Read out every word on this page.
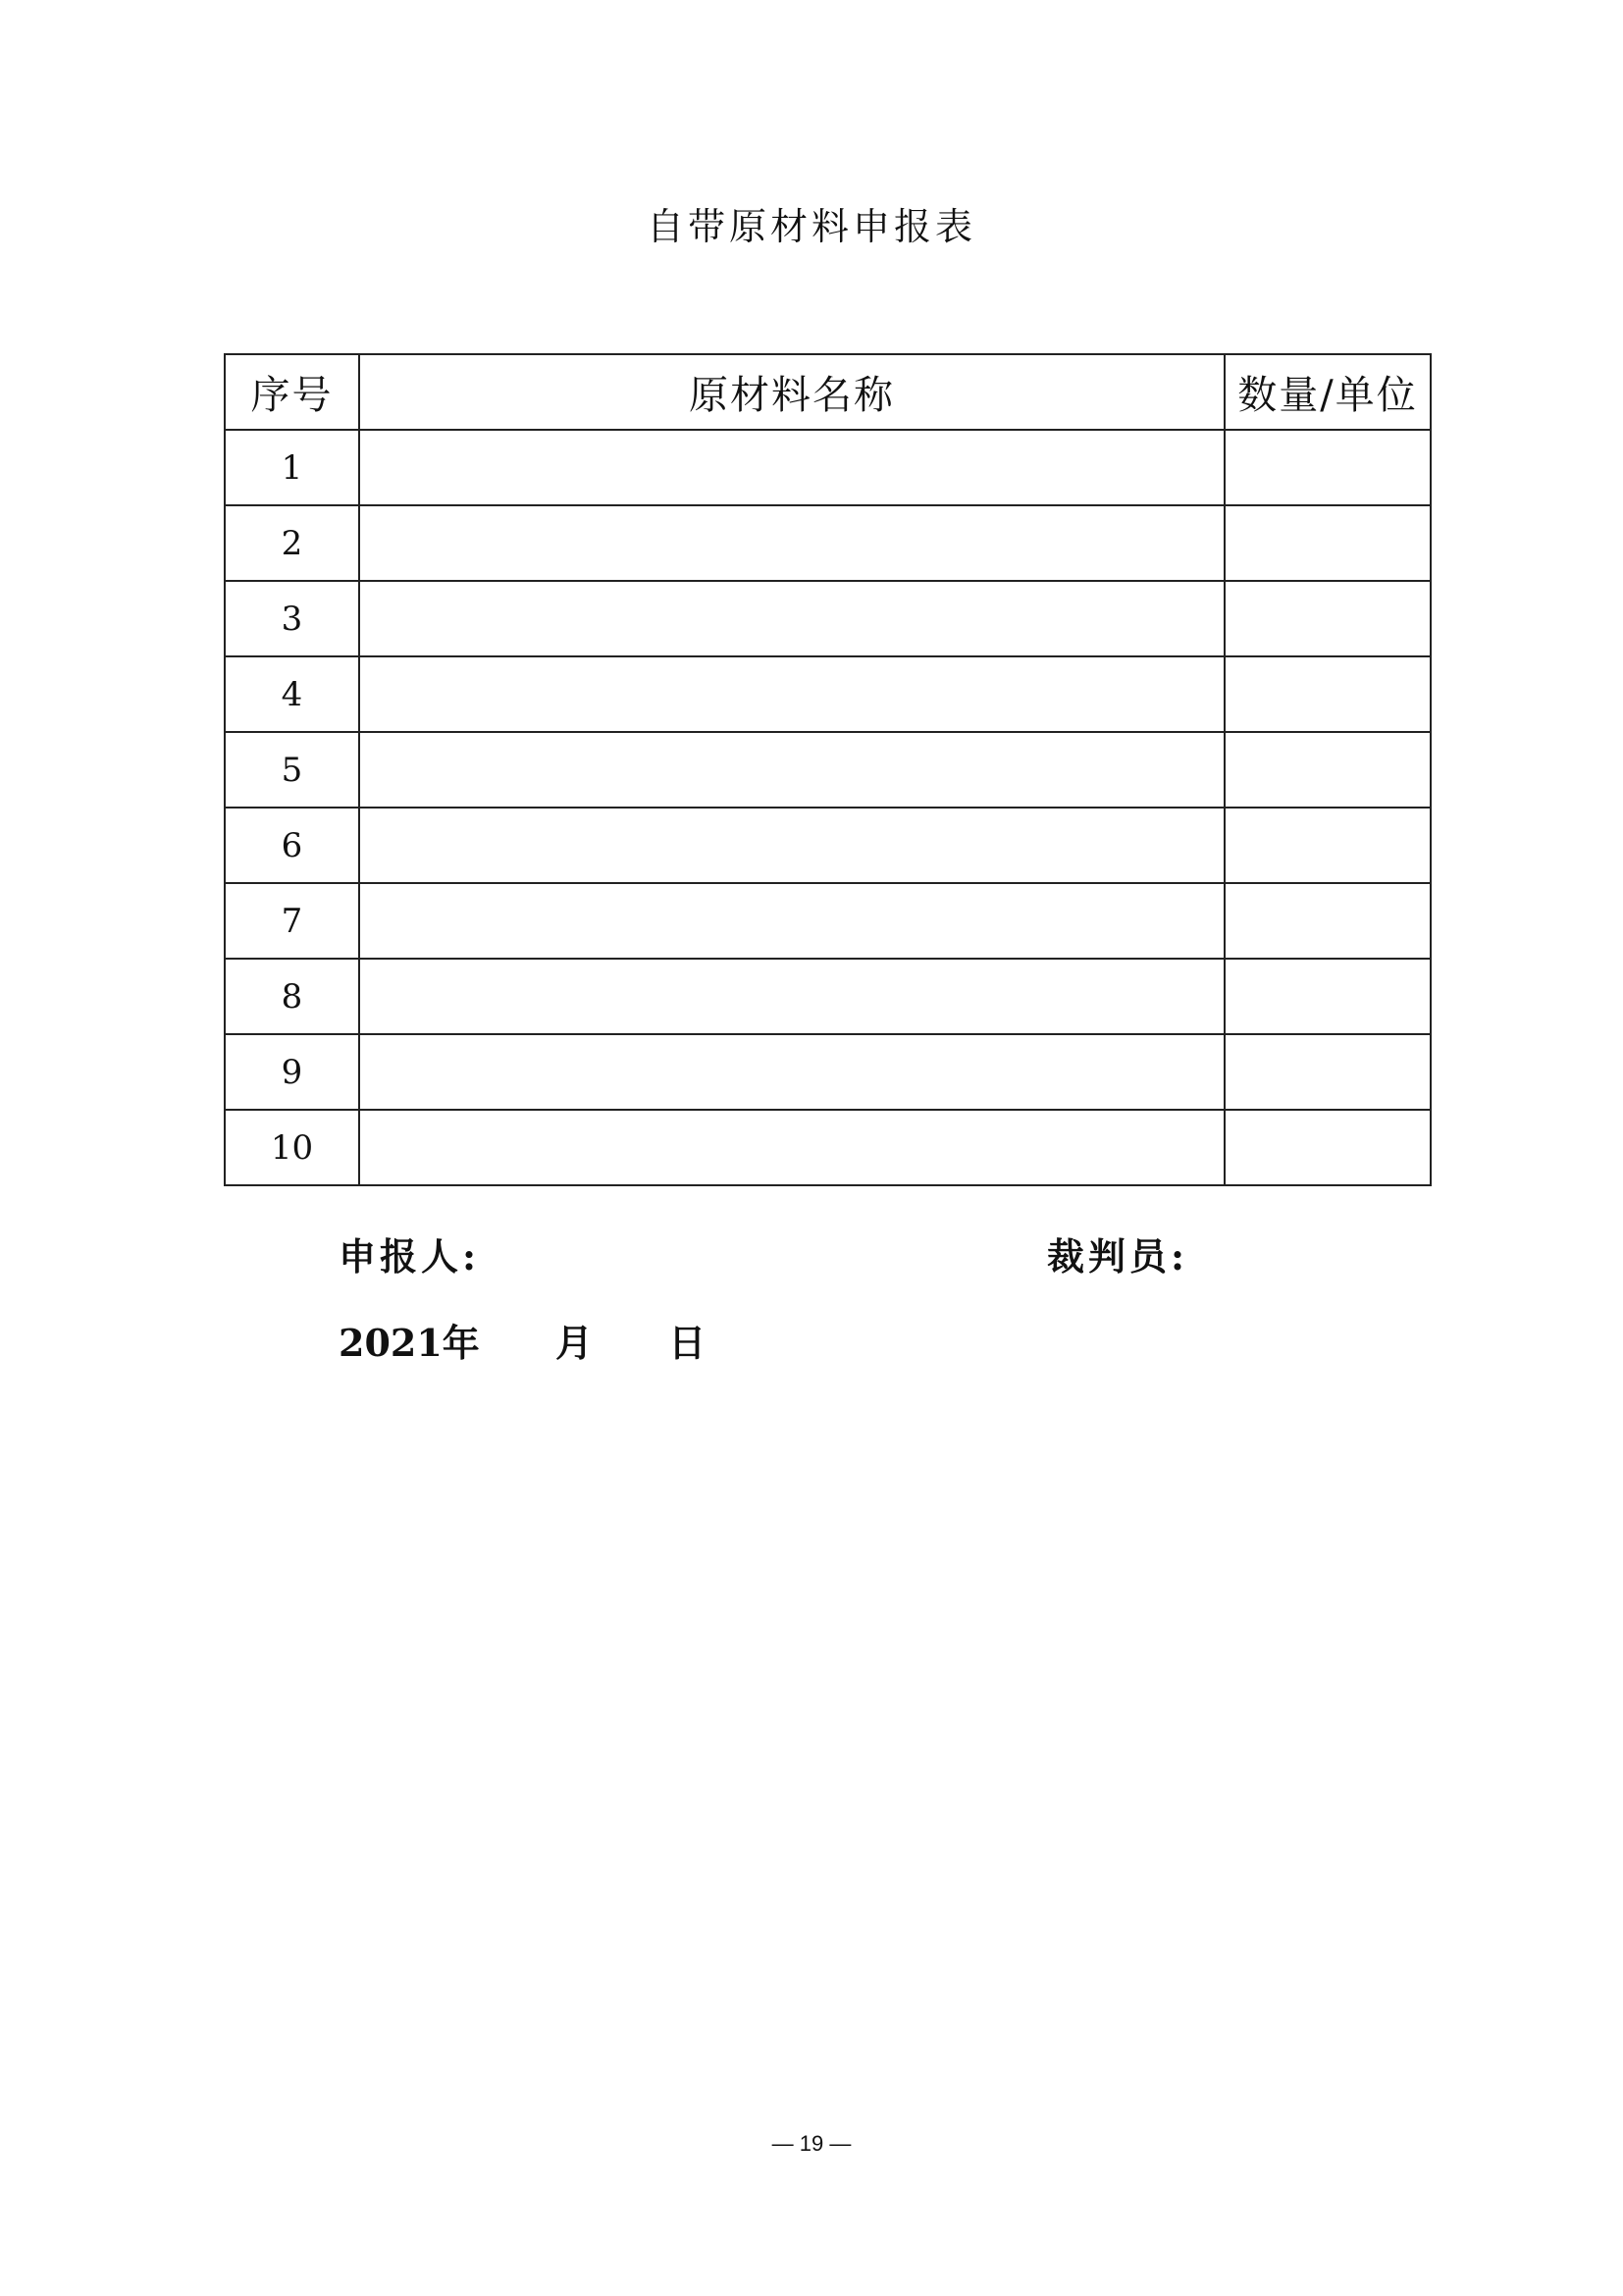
自带原材料申报表
序号	原材料名称	数量/单位
1		
2		
3		
4		
5		
6		
7		
8		
9		
10		
申报人:	裁判员:
2021年 月 日
— 19 —
